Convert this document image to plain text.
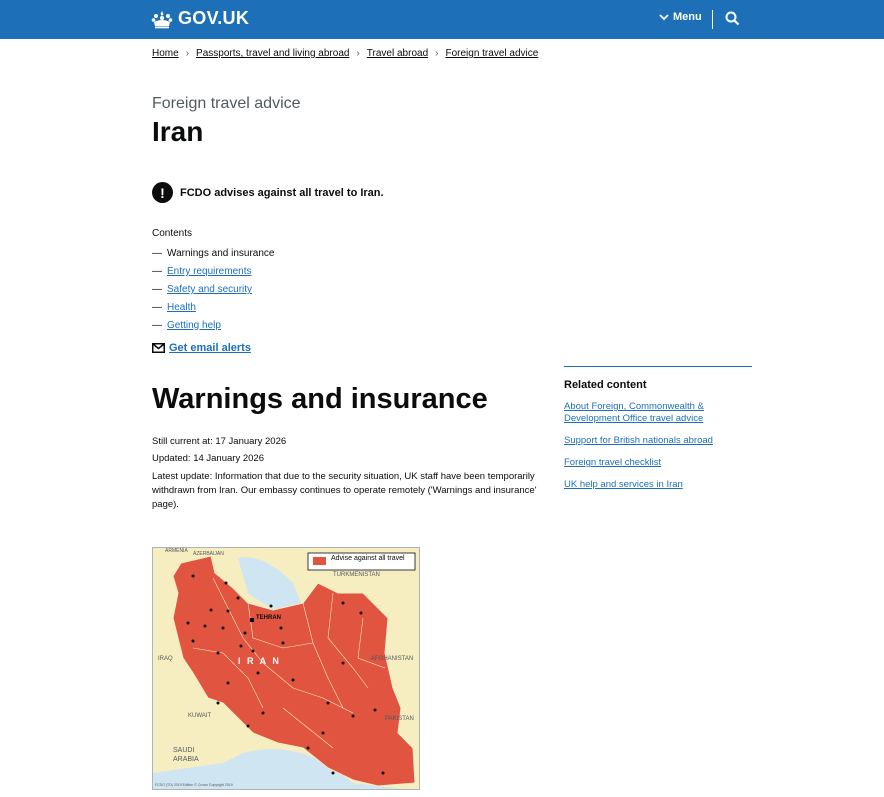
GOV.UK	Menu
Home › Passports, travel and living abroad › Travel abroad › Foreign travel advice
Foreign travel advice
Iran
!	FCDO advises against all travel to Iran.
Contents
— Warnings and insurance
— Entry requirements
— Safety and security
— Health
— Getting help
Get email alerts
Warnings and insurance
Still current at: 17 January 2026
Updated: 14 January 2026

Latest update: Information that due to the security situation, UK staff have been temporarily withdrawn from Iran. Our embassy continues to operate remotely ('Warnings and insurance' page).

Advise against all travel
TEHRAN
I R A N
ARMENIA AZERBAIJAN
TURKMENISTAN
AFGHANISTAN
PAKISTAN
IRAQ
KUWAIT
SAUDI ARABIA
FCDO (TD) 2019 Edition © Crown Copyright 2019
Related content
About Foreign, Commonwealth & Development Office travel advice
Support for British nationals abroad
Foreign travel checklist
UK help and services in Iran
